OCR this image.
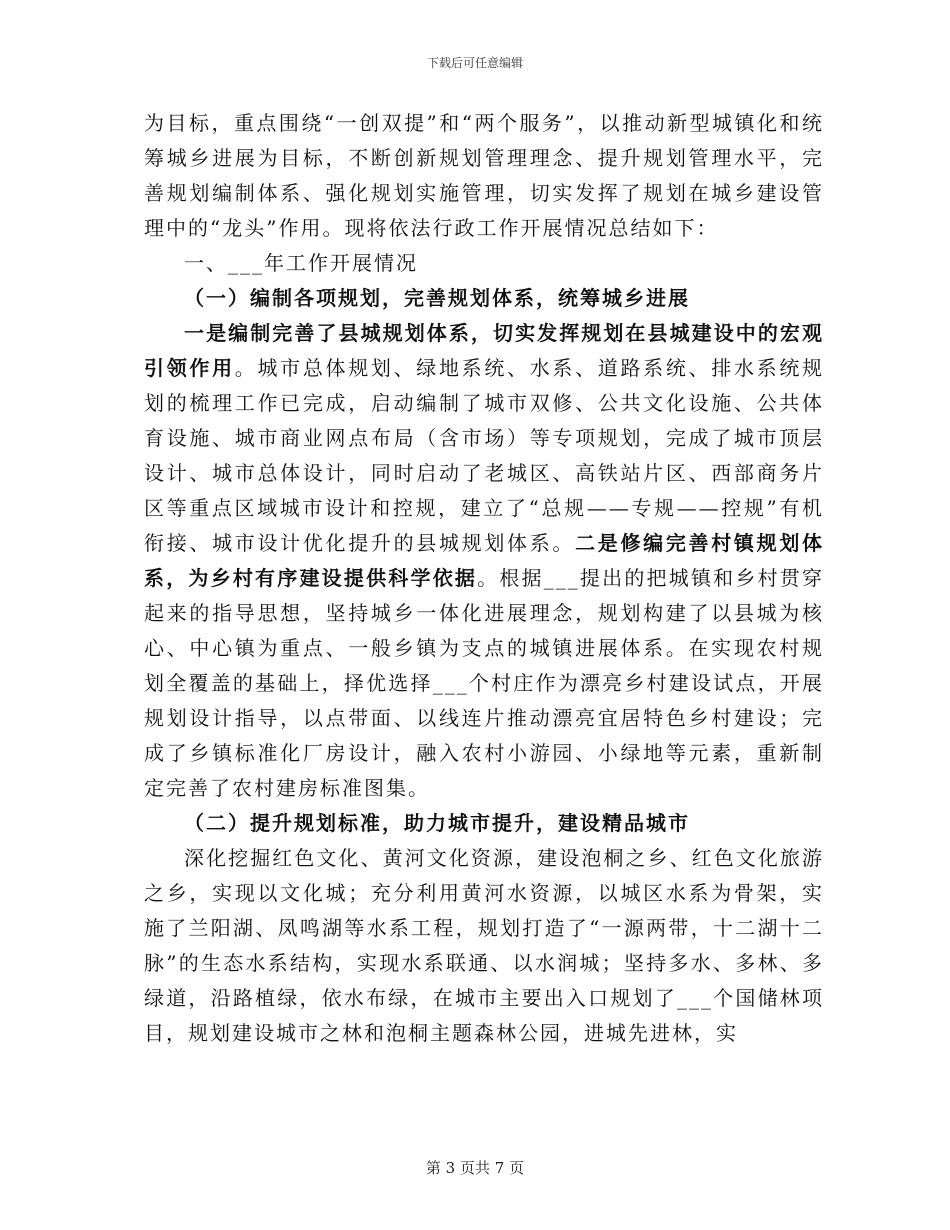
下载后可任意编辑

为目标，重点围绕“一创双提”和“两个服务”，以推动新型城镇化和统筹城乡进展为目标，不断创新规划管理理念、提升规划管理水平，完善规划编制体系、强化规划实施管理，切实发挥了规划在城乡建设管理中的“龙头”作用。现将依法行政工作开展情况总结如下：

一、___年工作开展情况

（一）编制各项规划，完善规划体系，统筹城乡进展

一是编制完善了县城规划体系，切实发挥规划在县城建设中的宏观引领作用。城市总体规划、绿地系统、水系、道路系统、排水系统规划的梳理工作已完成，启动编制了城市双修、公共文化设施、公共体育设施、城市商业网点布局（含市场）等专项规划，完成了城市顶层设计、城市总体设计，同时启动了老城区、高铁站片区、西部商务片区等重点区域城市设计和控规，建立了“总规——专规——控规”有机衔接、城市设计优化提升的县城规划体系。二是修编完善村镇规划体系，为乡村有序建设提供科学依据。根据___提出的把城镇和乡村贯穿起来的指导思想，坚持城乡一体化进展理念，规划构建了以县城为核心、中心镇为重点、一般乡镇为支点的城镇进展体系。在实现农村规划全覆盖的基础上，择优选择___个村庄作为漂亮乡村建设试点，开展规划设计指导，以点带面、以线连片推动漂亮宜居特色乡村建设；完成了乡镇标准化厂房设计，融入农村小游园、小绿地等元素，重新制定完善了农村建房标准图集。

（二）提升规划标准，助力城市提升，建设精品城市

深化挖掘红色文化、黄河文化资源，建设泡桐之乡、红色文化旅游之乡，实现以文化城；充分利用黄河水资源，以城区水系为骨架，实施了兰阳湖、凤鸣湖等水系工程，规划打造了“一源两带，十二湖十二脉”的生态水系结构，实现水系联通、以水润城；坚持多水、多林、多绿道，沿路植绿，依水布绿，在城市主要出入口规划了___个国储林项目，规划建设城市之林和泡桐主题森林公园，进城先进林，实

第 3 页共 7 页
